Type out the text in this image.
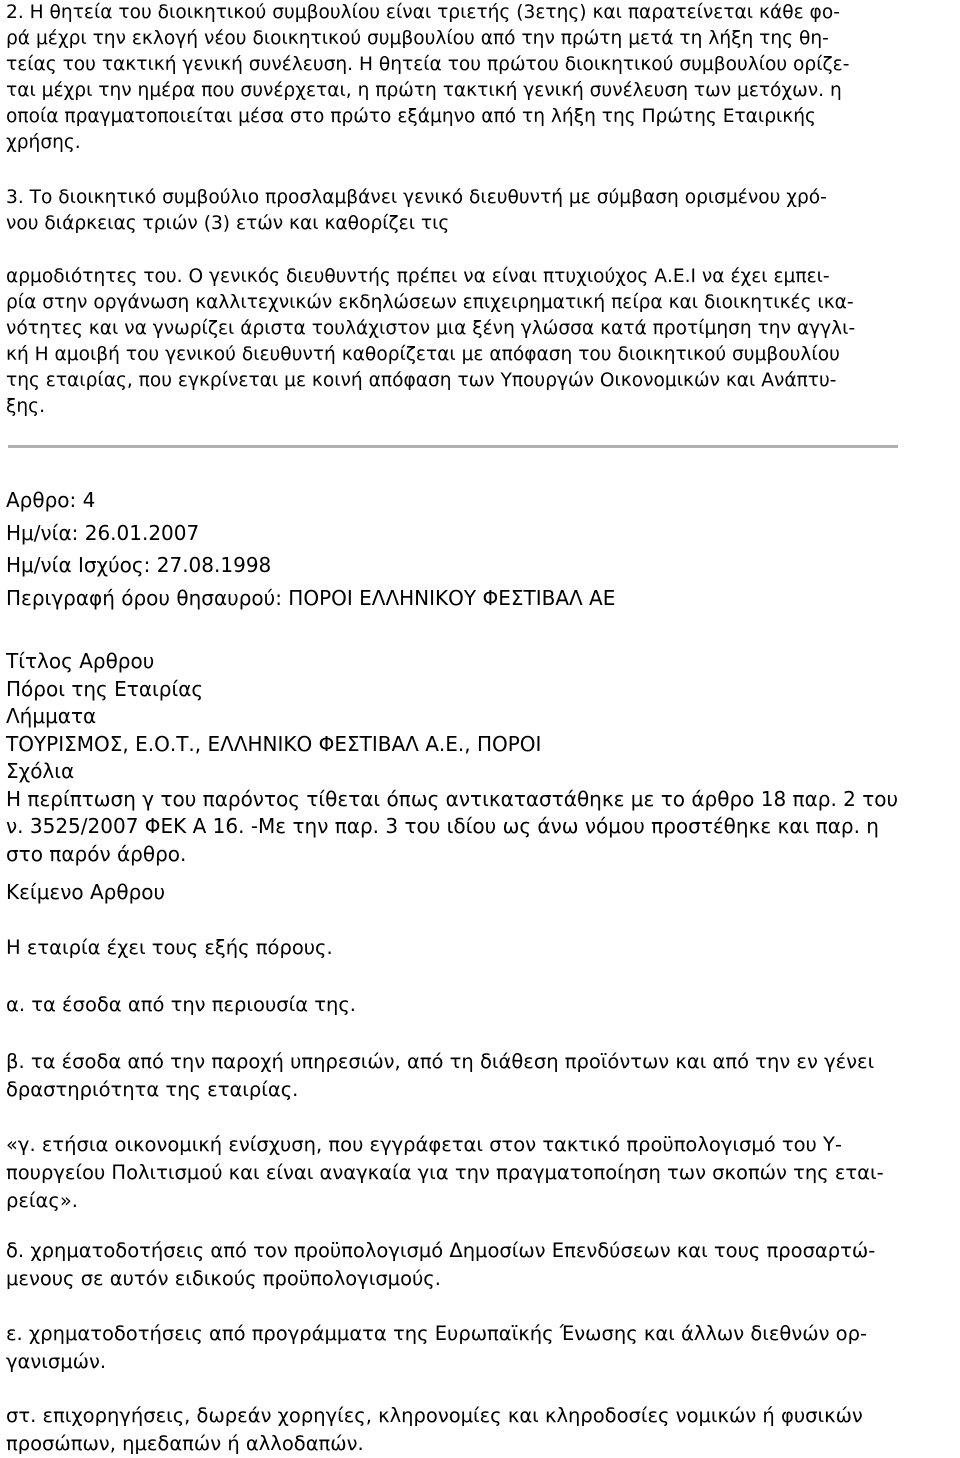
2. Η θητεία του διοικητικού συμβουλίου είναι τριετής (3ετης) και παρατείνεται κάθε φο-
ρά μέχρι την εκλογή νέου διοικητικού συμβουλίου από την πρώτη μετά τη λήξη της θη-
τείας του τακτική γενική συνέλευση. Η θητεία του πρώτου διοικητικού συμβουλίου ορίζε-
ται μέχρι την ημέρα που συνέρχεται, η πρώτη τακτική γενική συνέλευση των μετόχων. η
οποία πραγματοποιείται μέσα στο πρώτο εξάμηνο από τη λήξη της Πρώτης Εταιρικής
χρήσης.

3. Το διοικητικό συμβούλιο προσλαμβάνει γενικό διευθυντή με σύμβαση ορισμένου χρό-
νου διάρκειας τριών (3) ετών και καθορίζει τις

αρμοδιότητες του. Ο γενικός διευθυντής πρέπει να είναι πτυχιούχος Α.Ε.Ι να έχει εμπει-
ρία στην οργάνωση καλλιτεχνικών εκδηλώσεων επιχειρηματική πείρα και διοικητικές ικα-
νότητες και να γνωρίζει άριστα τουλάχιστον μια ξένη γλώσσα κατά προτίμηση την αγγλι-
κή Η αμοιβή του γενικού διευθυντή καθορίζεται με απόφαση του διοικητικού συμβουλίου
της εταιρίας, που εγκρίνεται με κοινή απόφαση των Υπουργών Οικονομικών και Ανάπτυ-
ξης.

Αρθρο: 4

Ημ/νία: 26.01.2007

Ημ/νία Ισχύος: 27.08.1998

Περιγραφή όρου θησαυρού: ΠΟΡΟΙ ΕΛΛΗΝΙΚΟΥ ΦΕΣΤΙΒΑΛ ΑΕ

Τίτλος Αρθρου

Πόροι της Εταιρίας

Λήμματα

ΤΟΥΡΙΣΜΟΣ, Ε.Ο.Τ., ΕΛΛΗΝΙΚΟ ΦΕΣΤΙΒΑΛ Α.Ε., ΠΟΡΟΙ

Σχόλια

Η περίπτωση γ του παρόντος τίθεται όπως αντικαταστάθηκε με το άρθρο 18 παρ. 2 του

ν. 3525/2007 ΦΕΚ Α 16. -Με την παρ. 3 του ιδίου ως άνω νόμου προστέθηκε και παρ. η

στο παρόν άρθρο.

Κείμενο Αρθρου

Η εταιρία έχει τους εξής πόρους.

α. τα έσοδα από την περιουσία της.

β. τα έσοδα από την παροχή υπηρεσιών, από τη διάθεση προϊόντων και από την εν γένει
δραστηριότητα της εταιρίας.

«γ. ετήσια οικονομική ενίσχυση, που εγγράφεται στον τακτικό προϋπολογισμό του Υ-
πουργείου Πολιτισμού και είναι αναγκαία για την πραγματοποίηση των σκοπών της εται-
ρείας».

δ. χρηματοδοτήσεις από τον προϋπολογισμό Δημοσίων Επενδύσεων και τους προσαρτώ-
μενους σε αυτόν ειδικούς προϋπολογισμούς.

ε. χρηματοδοτήσεις από προγράμματα της Ευρωπαϊκής Ένωσης και άλλων διεθνών ορ-
γανισμών.

στ. επιχορηγήσεις, δωρεάν χορηγίες, κληρονομίες και κληροδοσίες νομικών ή φυσικών
προσώπων, ημεδαπών ή αλλοδαπών.
